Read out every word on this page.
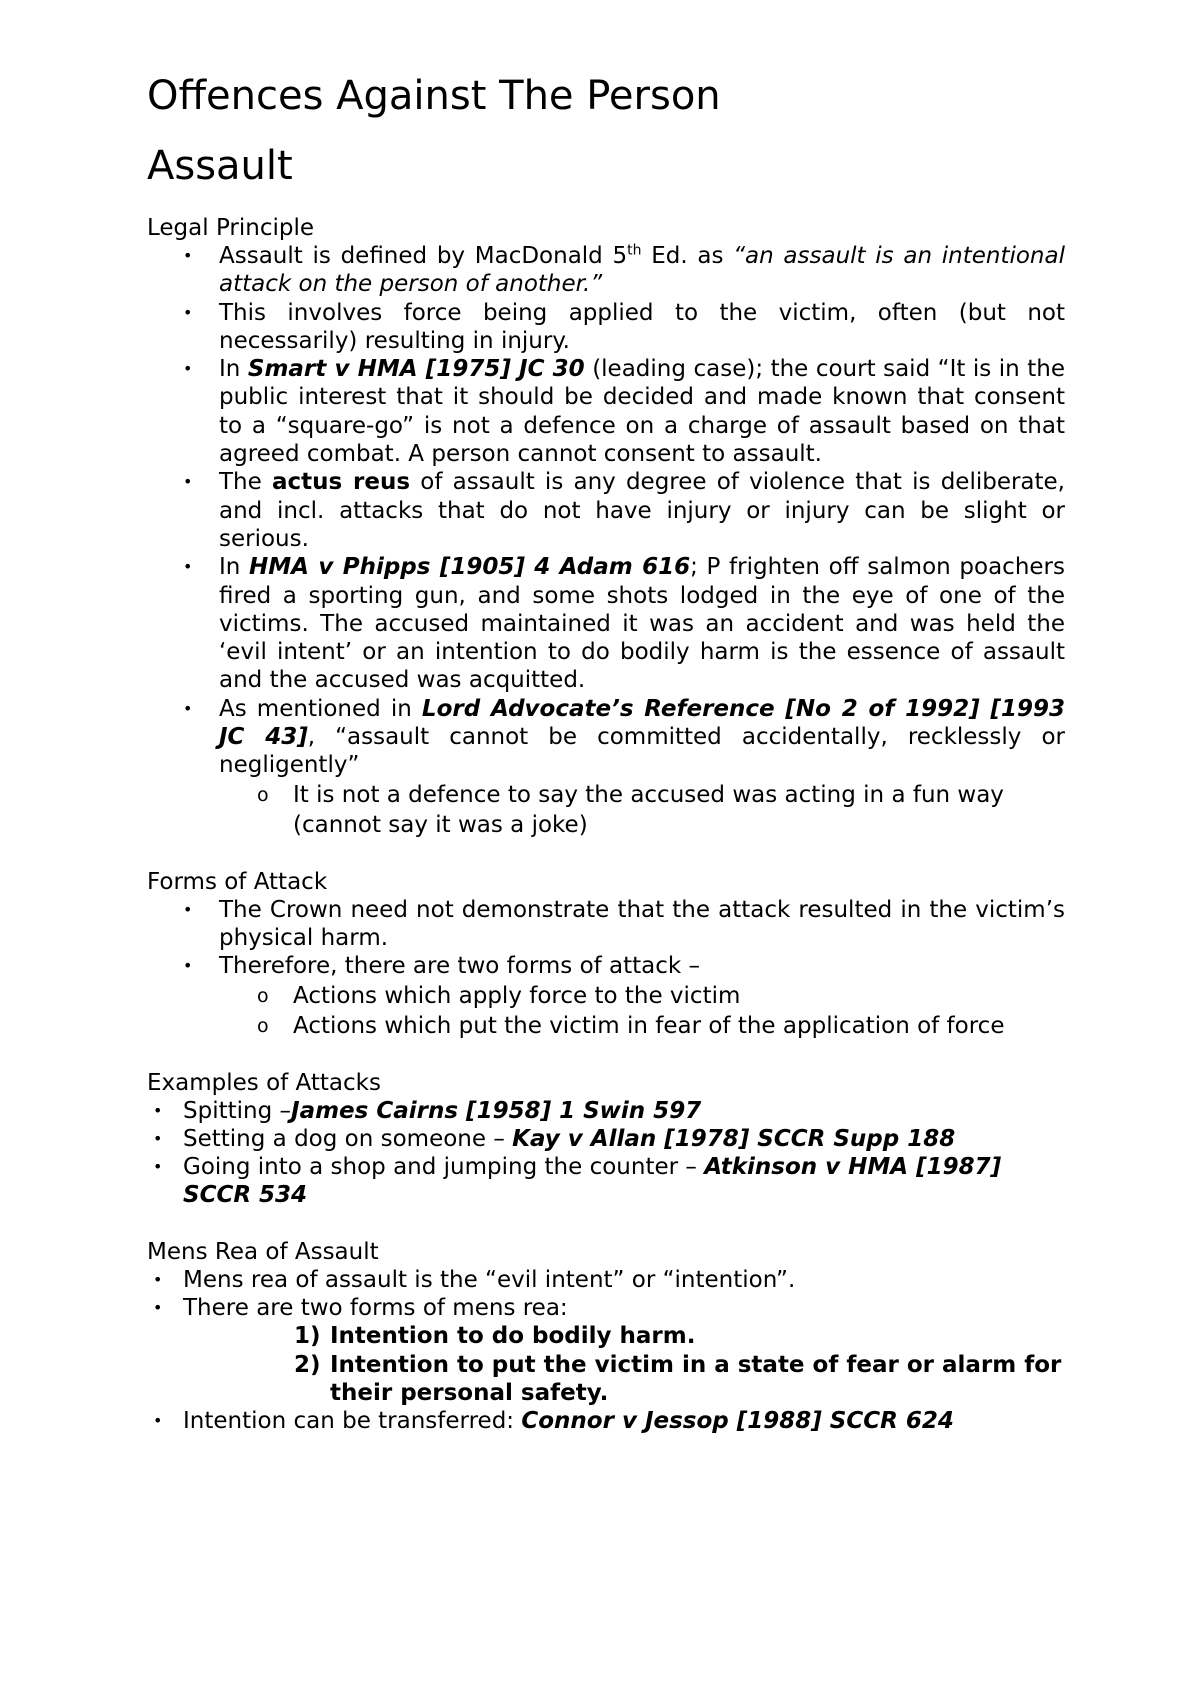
Offences Against The Person
Assault
Legal Principle
• Assault is defined by MacDonald 5th Ed. as “an assault is an intentional attack on the person of another.”
• This involves force being applied to the victim, often (but not necessarily) resulting in injury.
• In Smart v HMA [1975] JC 30 (leading case); the court said “It is in the public interest that it should be decided and made known that consent to a “square-go” is not a defence on a charge of assault based on that agreed combat. A person cannot consent to assault.
• The actus reus of assault is any degree of violence that is deliberate, and incl. attacks that do not have injury or injury can be slight or serious.
• In HMA v Phipps [1905] 4 Adam 616; P frighten off salmon poachers fired a sporting gun, and some shots lodged in the eye of one of the victims. The accused maintained it was an accident and was held the ‘evil intent’ or an intention to do bodily harm is the essence of assault and the accused was acquitted.
• As mentioned in Lord Advocate’s Reference [No 2 of 1992] [1993 JC 43], “assault cannot be committed accidentally, recklessly or negligently”
o It is not a defence to say the accused was acting in a fun way (cannot say it was a joke)
Forms of Attack
• The Crown need not demonstrate that the attack resulted in the victim’s physical harm.
• Therefore, there are two forms of attack –
o Actions which apply force to the victim
o Actions which put the victim in fear of the application of force
Examples of Attacks
• Spitting –James Cairns [1958] 1 Swin 597
• Setting a dog on someone – Kay v Allan [1978] SCCR Supp 188
• Going into a shop and jumping the counter – Atkinson v HMA [1987] SCCR 534
Mens Rea of Assault
• Mens rea of assault is the “evil intent” or “intention”.
• There are two forms of mens rea:
1) Intention to do bodily harm.
2) Intention to put the victim in a state of fear or alarm for their personal safety.
• Intention can be transferred: Connor v Jessop [1988] SCCR 624
